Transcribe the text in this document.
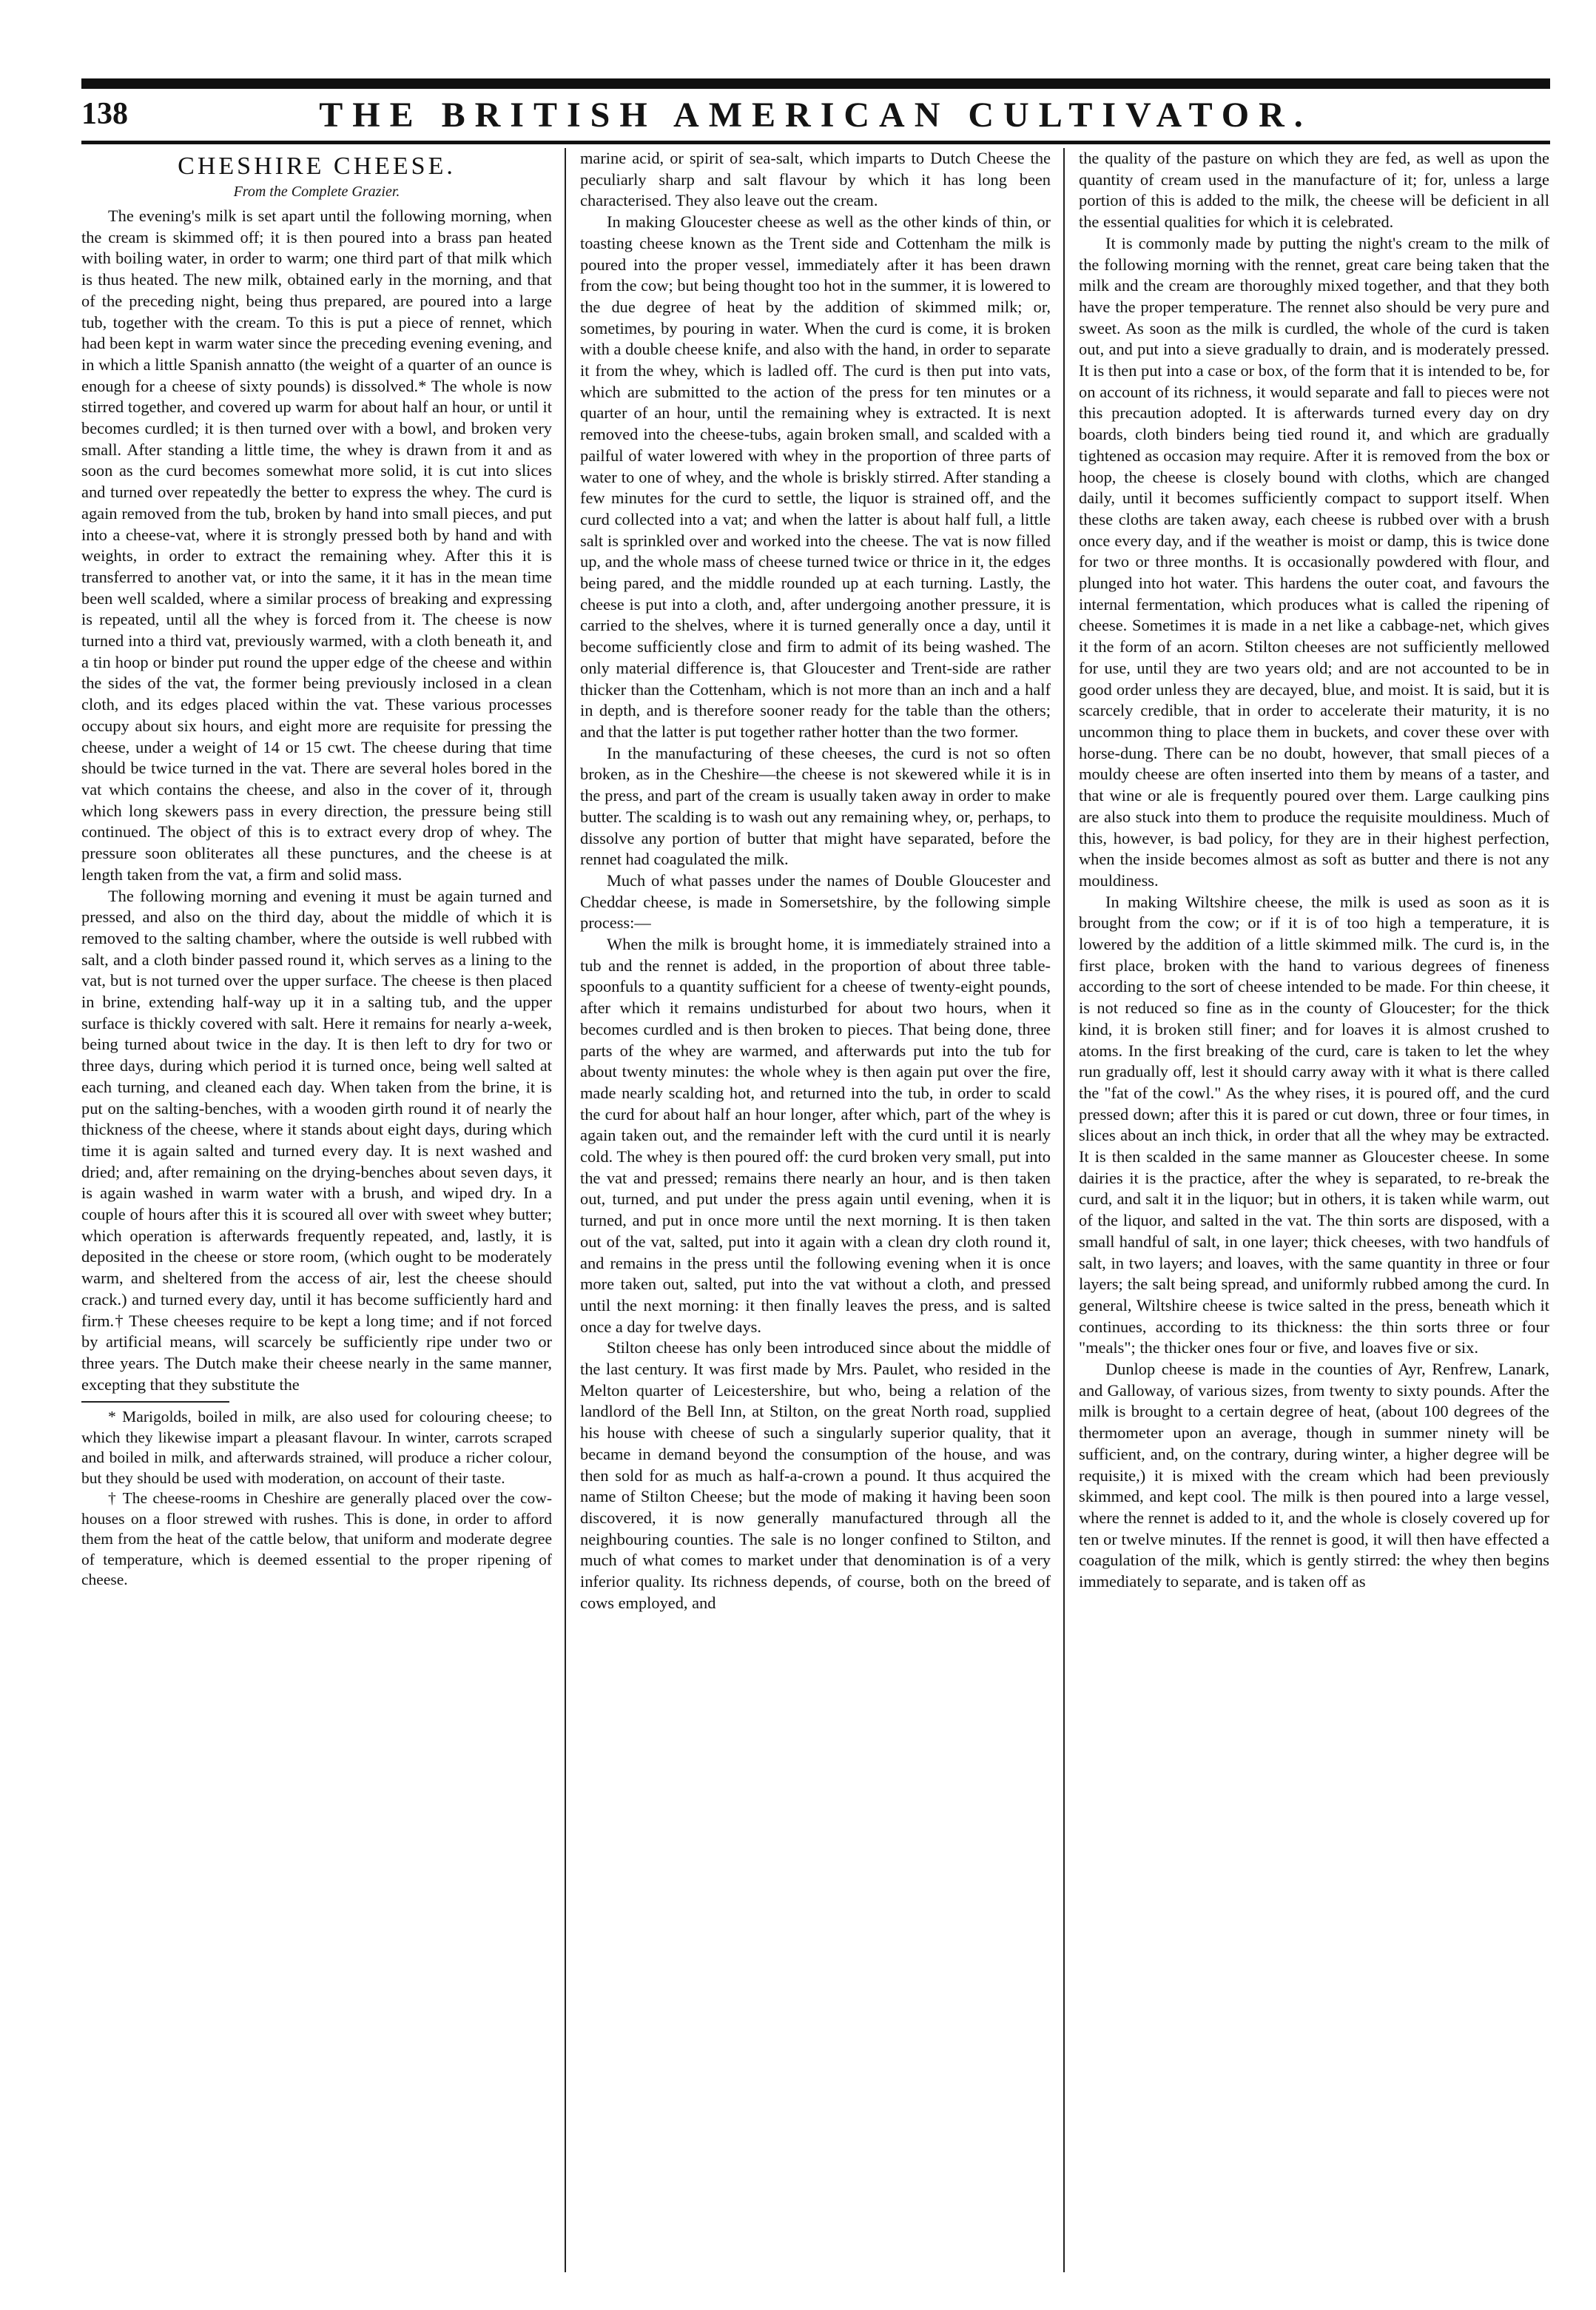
138	THE BRITISH AMERICAN CULTIVATOR.
CHESHIRE CHEESE.
From the Complete Grazier.

The evening's milk is set apart until the following morning, when the cream is skimmed off; it is then poured into a brass pan heated with boiling water, in order to warm; one third part of that milk which is thus heated. The new milk, obtained early in the morning, and that of the preceding night, being thus prepared, are poured into a large tub, together with the cream. To this is put a piece of rennet, which had been kept in warm water since the preceding evening evening, and in which a little Spanish annatto (the weight of a quarter of an ounce is enough for a cheese of sixty pounds) is dissolved.* The whole is now stirred together, and covered up warm for about half an hour, or until it becomes curdled; it is then turned over with a bowl, and broken very small. After standing a little time, the whey is drawn from it and as soon as the curd becomes somewhat more solid, it is cut into slices and turned over repeatedly the better to express the whey. The curd is again removed from the tub, broken by hand into small pieces, and put into a cheese-vat, where it is strongly pressed both by hand and with weights, in order to extract the remaining whey. After this it is transferred to another vat, or into the same, it it has in the mean time been well scalded, where a similar process of breaking and expressing is repeated, until all the whey is forced from it. The cheese is now turned into a third vat, previously warmed, with a cloth beneath it, and a tin hoop or binder put round the upper edge of the cheese and within the sides of the vat, the former being previously inclosed in a clean cloth, and its edges placed within the vat. These various processes occupy about six hours, and eight more are requisite for pressing the cheese, under a weight of 14 or 15 cwt. The cheese during that time should be twice turned in the vat. There are several holes bored in the vat which contains the cheese, and also in the cover of it, through which long skewers pass in every direction, the pressure being still continued. The object of this is to extract every drop of whey. The pressure soon obliterates all these punctures, and the cheese is at length taken from the vat, a firm and solid mass.

The following morning and evening it must be again turned and pressed, and also on the third day, about the middle of which it is removed to the salting chamber, where the outside is well rubbed with salt, and a cloth binder passed round it, which serves as a lining to the vat, but is not turned over the upper surface. The cheese is then placed in brine, extending half-way up it in a salting tub, and the upper surface is thickly covered with salt. Here it remains for nearly a-week, being turned about twice in the day. It is then left to dry for two or three days, during which period it is turned once, being well salted at each turning, and cleaned each day. When taken from the brine, it is put on the salting-benches, with a wooden girth round it of nearly the thickness of the cheese, where it stands about eight days, during which time it is again salted and turned every day. It is next washed and dried; and, after remaining on the drying-benches about seven days, it is again washed in warm water with a brush, and wiped dry. In a couple of hours after this it is scoured all over with sweet whey butter; which operation is afterwards frequently repeated, and, lastly, it is deposited in the cheese or store room, (which ought to be moderately warm, and sheltered from the access of air, lest the cheese should crack.) and turned every day, until it has become sufficiently hard and firm.† These cheeses require to be kept a long time; and if not forced by artificial means, will scarcely be sufficiently ripe under two or three years. The Dutch make their cheese nearly in the same manner, excepting that they substitute the

* Marigolds, boiled in milk, are also used for colouring cheese; to which they likewise impart a pleasant flavour. In winter, carrots scraped and boiled in milk, and afterwards strained, will produce a richer colour, but they should be used with moderation, on account of their taste.

† The cheese-rooms in Cheshire are generally placed over the cow-houses on a floor strewed with rushes. This is done, in order to afford them from the heat of the cattle below, that uniform and moderate degree of temperature, which is deemed essential to the proper ripening of cheese.

marine acid, or spirit of sea-salt, which imparts to Dutch Cheese the peculiarly sharp and salt flavour by which it has long been characterised. They also leave out the cream.

In making Gloucester cheese as well as the other kinds of thin, or toasting cheese known as the Trent side and Cottenham the milk is poured into the proper vessel, immediately after it has been drawn from the cow; but being thought too hot in the summer, it is lowered to the due degree of heat by the addition of skimmed milk; or, sometimes, by pouring in water. When the curd is come, it is broken with a double cheese knife, and also with the hand, in order to separate it from the whey, which is ladled off. The curd is then put into vats, which are submitted to the action of the press for ten minutes or a quarter of an hour, until the remaining whey is extracted. It is next removed into the cheese-tubs, again broken small, and scalded with a pailful of water lowered with whey in the proportion of three parts of water to one of whey, and the whole is briskly stirred. After standing a few minutes for the curd to settle, the liquor is strained off, and the curd collected into a vat; and when the latter is about half full, a little salt is sprinkled over and worked into the cheese. The vat is now filled up, and the whole mass of cheese turned twice or thrice in it, the edges being pared, and the middle rounded up at each turning. Lastly, the cheese is put into a cloth, and, after undergoing another pressure, it is carried to the shelves, where it is turned generally once a day, until it become sufficiently close and firm to admit of its being washed. The only material difference is, that Gloucester and Trent-side are rather thicker than the Cottenham, which is not more than an inch and a half in depth, and is therefore sooner ready for the table than the others; and that the latter is put together rather hotter than the two former.

In the manufacturing of these cheeses, the curd is not so often broken, as in the Cheshire—the cheese is not skewered while it is in the press, and part of the cream is usually taken away in order to make butter. The scalding is to wash out any remaining whey, or, perhaps, to dissolve any portion of butter that might have separated, before the rennet had coagulated the milk.

Much of what passes under the names of Double Gloucester and Cheddar cheese, is made in Somersetshire, by the following simple process:—

When the milk is brought home, it is immediately strained into a tub and the rennet is added, in the proportion of about three table-spoonfuls to a quantity sufficient for a cheese of twenty-eight pounds, after which it remains undisturbed for about two hours, when it becomes curdled and is then broken to pieces. That being done, three parts of the whey are warmed, and afterwards put into the tub for about twenty minutes: the whole whey is then again put over the fire, made nearly scalding hot, and returned into the tub, in order to scald the curd for about half an hour longer, after which, part of the whey is again taken out, and the remainder left with the curd until it is nearly cold. The whey is then poured off: the curd broken very small, put into the vat and pressed; remains there nearly an hour, and is then taken out, turned, and put under the press again until evening, when it is turned, and put in once more until the next morning. It is then taken out of the vat, salted, put into it again with a clean dry cloth round it, and remains in the press until the following evening when it is once more taken out, salted, put into the vat without a cloth, and pressed until the next morning: it then finally leaves the press, and is salted once a day for twelve days.

Stilton cheese has only been introduced since about the middle of the last century. It was first made by Mrs. Paulet, who resided in the Melton quarter of Leicestershire, but who, being a relation of the landlord of the Bell Inn, at Stilton, on the great North road, supplied his house with cheese of such a singularly superior quality, that it became in demand beyond the consumption of the house, and was then sold for as much as half-a-crown a pound. It thus acquired the name of Stilton Cheese; but the mode of making it having been soon discovered, it is now generally manufactured through all the neighbouring counties. The sale is no longer confined to Stilton, and much of what comes to market under that denomination is of a very inferior quality. Its richness depends, of course, both on the breed of cows employed, and

the quality of the pasture on which they are fed, as well as upon the quantity of cream used in the manufacture of it; for, unless a large portion of this is added to the milk, the cheese will be deficient in all the essential qualities for which it is celebrated.

It is commonly made by putting the night's cream to the milk of the following morning with the rennet, great care being taken that the milk and the cream are thoroughly mixed together, and that they both have the proper temperature. The rennet also should be very pure and sweet. As soon as the milk is curdled, the whole of the curd is taken out, and put into a sieve gradually to drain, and is moderately pressed. It is then put into a case or box, of the form that it is intended to be, for on account of its richness, it would separate and fall to pieces were not this precaution adopted. It is afterwards turned every day on dry boards, cloth binders being tied round it, and which are gradually tightened as occasion may require. After it is removed from the box or hoop, the cheese is closely bound with cloths, which are changed daily, until it becomes sufficiently compact to support itself. When these cloths are taken away, each cheese is rubbed over with a brush once every day, and if the weather is moist or damp, this is twice done for two or three months. It is occasionally powdered with flour, and plunged into hot water. This hardens the outer coat, and favours the internal fermentation, which produces what is called the ripening of cheese. Sometimes it is made in a net like a cabbage-net, which gives it the form of an acorn. Stilton cheeses are not sufficiently mellowed for use, until they are two years old; and are not accounted to be in good order unless they are decayed, blue, and moist. It is said, but it is scarcely credible, that in order to accelerate their maturity, it is no uncommon thing to place them in buckets, and cover these over with horse-dung. There can be no doubt, however, that small pieces of a mouldy cheese are often inserted into them by means of a taster, and that wine or ale is frequently poured over them. Large caulking pins are also stuck into them to produce the requisite mouldiness. Much of this, however, is bad policy, for they are in their highest perfection, when the inside becomes almost as soft as butter and there is not any mouldiness.

In making Wiltshire cheese, the milk is used as soon as it is brought from the cow; or if it is of too high a temperature, it is lowered by the addition of a little skimmed milk. The curd is, in the first place, broken with the hand to various degrees of fineness according to the sort of cheese intended to be made. For thin cheese, it is not reduced so fine as in the county of Gloucester; for the thick kind, it is broken still finer; and for loaves it is almost crushed to atoms. In the first breaking of the curd, care is taken to let the whey run gradually off, lest it should carry away with it what is there called the "fat of the cowl." As the whey rises, it is poured off, and the curd pressed down; after this it is pared or cut down, three or four times, in slices about an inch thick, in order that all the whey may be extracted. It is then scalded in the same manner as Gloucester cheese. In some dairies it is the practice, after the whey is separated, to re-break the curd, and salt it in the liquor; but in others, it is taken while warm, out of the liquor, and salted in the vat. The thin sorts are disposed, with a small handful of salt, in one layer; thick cheeses, with two handfuls of salt, in two layers; and loaves, with the same quantity in three or four layers; the salt being spread, and uniformly rubbed among the curd. In general, Wiltshire cheese is twice salted in the press, beneath which it continues, according to its thickness: the thin sorts three or four "meals"; the thicker ones four or five, and loaves five or six.

Dunlop cheese is made in the counties of Ayr, Renfrew, Lanark, and Galloway, of various sizes, from twenty to sixty pounds. After the milk is brought to a certain degree of heat, (about 100 degrees of the thermometer upon an average, though in summer ninety will be sufficient, and, on the contrary, during winter, a higher degree will be requisite,) it is mixed with the cream which had been previously skimmed, and kept cool. The milk is then poured into a large vessel, where the rennet is added to it, and the whole is closely covered up for ten or twelve minutes. If the rennet is good, it will then have effected a coagulation of the milk, which is gently stirred: the whey then begins immediately to separate, and is taken off as
